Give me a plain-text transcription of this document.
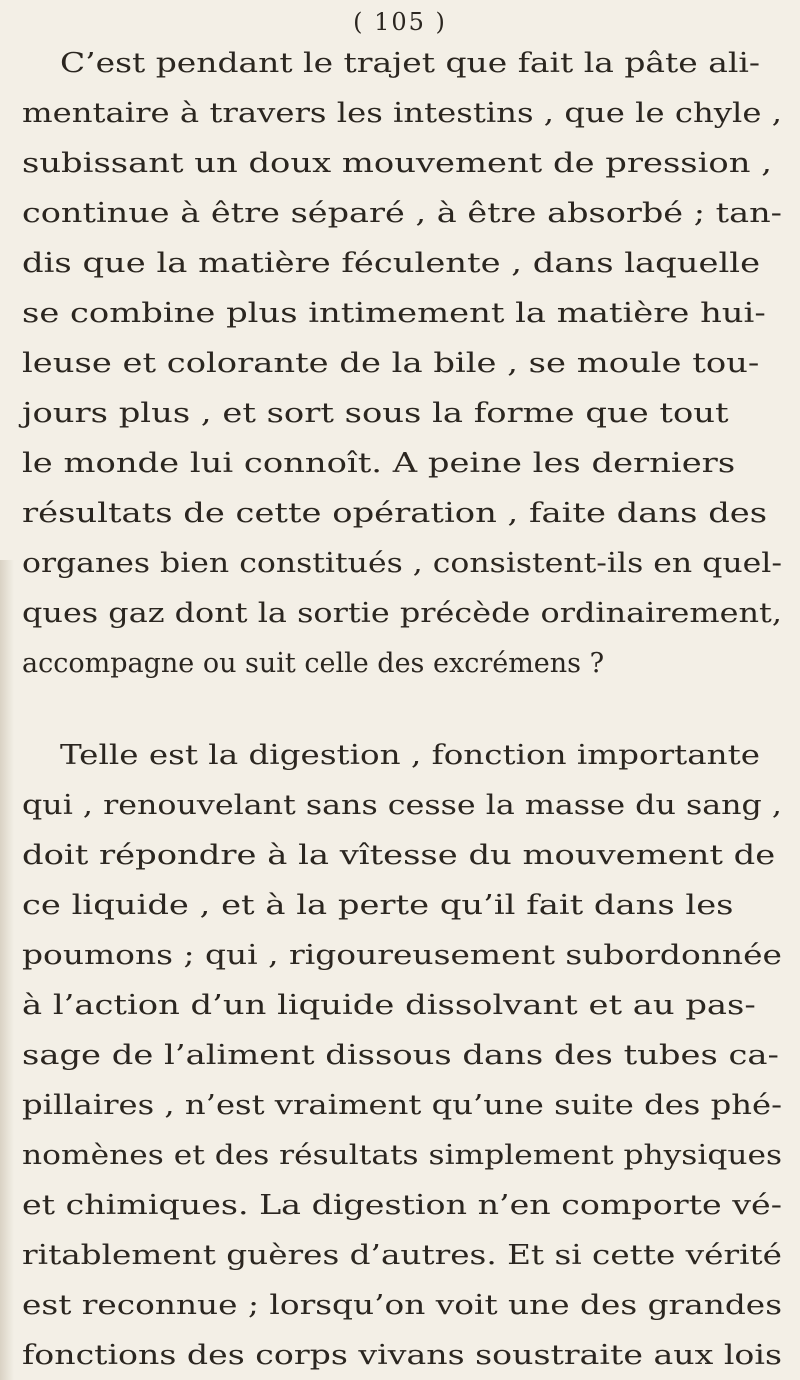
( 105 )
C’est pendant le trajet que fait la pâte ali-
mentaire à travers les intestins , que le chyle ,
subissant un doux mouvement de pression ,
continue à être séparé , à être absorbé ; tan-
dis que la matière féculente , dans laquelle
se combine plus intimement la matière hui-
leuse et colorante de la bile , se moule tou-
jours plus , et sort sous la forme que tout
le monde lui connoît. A peine les derniers
résultats de cette opération , faite dans des
organes bien constitués , consistent-ils en quel-
ques gaz dont la sortie précède ordinairement,
accompagne ou suit celle des excrémens ?
Telle est la digestion , fonction importante
qui , renouvelant sans cesse la masse du sang ,
doit répondre à la vîtesse du mouvement de
ce liquide , et à la perte qu’il fait dans les
poumons ; qui , rigoureusement subordonnée
à l’action d’un liquide dissolvant et au pas-
sage de l’aliment dissous dans des tubes ca-
pillaires , n’est vraiment qu’une suite des phé-
nomènes et des résultats simplement physiques
et chimiques. La digestion n’en comporte vé-
ritablement guères d’autres. Et si cette vérité
est reconnue ; lorsqu’on voit une des grandes
fonctions des corps vivans soustraite aux lois
